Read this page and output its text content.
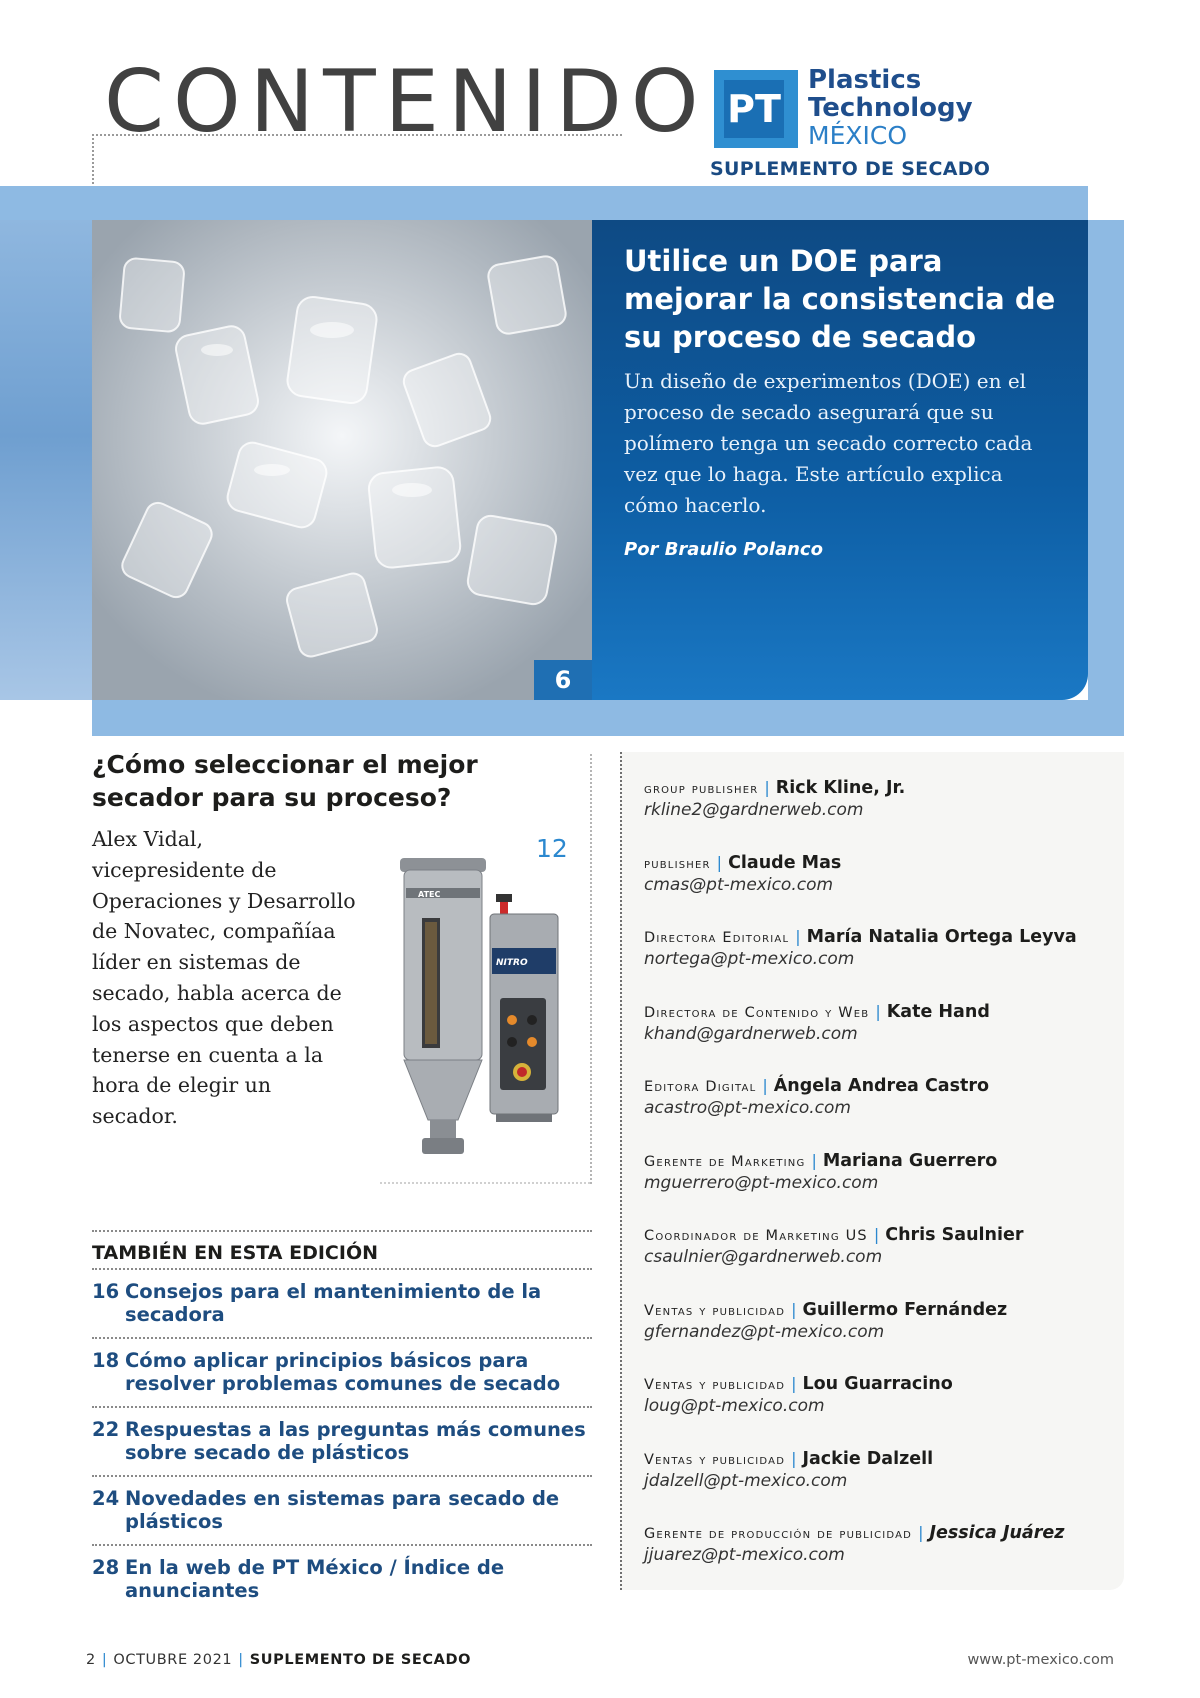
CONTENIDO PT
Plastics
Technology
MÉXICO
SUPLEMENTO DE SECADO
6
Utilice un DOE para mejorar la consistencia de su proceso de secado

Un diseño de experimentos (DOE) en el proceso de secado asegurará que su polímero tenga un secado correcto cada vez que lo haga. Este artículo explica cómo hacerlo.

Por Braulio Polanco
¿Cómo seleccionar el mejor secador para su proceso?
Alex Vidal, vicepresidente de Operaciones y Desarrollo de Novatec, compañíaa líder en sistemas de secado, habla acerca de los aspectos que deben tenerse en cuenta a la hora de elegir un secador.
12
ATEC
NITRO
TAMBIÉN EN ESTA EDICIÓN
16 Consejos para el mantenimiento de la secadora
18 Cómo aplicar principios básicos para resolver problemas comunes de secado
22 Respuestas a las preguntas más comunes sobre secado de plásticos
24 Novedades en sistemas para secado de plásticos
28 En la web de PT México / Índice de anunciantes
group publisher | Rick Kline, Jr.
rkline2@gardnerweb.com
publisher | Claude Mas
cmas@pt-mexico.com
Directora Editorial | María Natalia Ortega Leyva
nortega@pt-mexico.com
Directora de Contenido y Web | Kate Hand
khand@gardnerweb.com
Editora Digital | Ángela Andrea Castro
acastro@pt-mexico.com
Gerente de Marketing | Mariana Guerrero
mguerrero@pt-mexico.com
Coordinador de Marketing US | Chris Saulnier
csaulnier@gardnerweb.com
Ventas y publicidad | Guillermo Fernández
gfernandez@pt-mexico.com
Ventas y publicidad | Lou Guarracino
loug@pt-mexico.com
Ventas y publicidad | Jackie Dalzell
jdalzell@pt-mexico.com
Gerente de producción de publicidad | Jessica Juárez
jjuarez@pt-mexico.com
2 | OCTUBRE 2021 | SUPLEMENTO DE SECADO	www.pt-mexico.com
